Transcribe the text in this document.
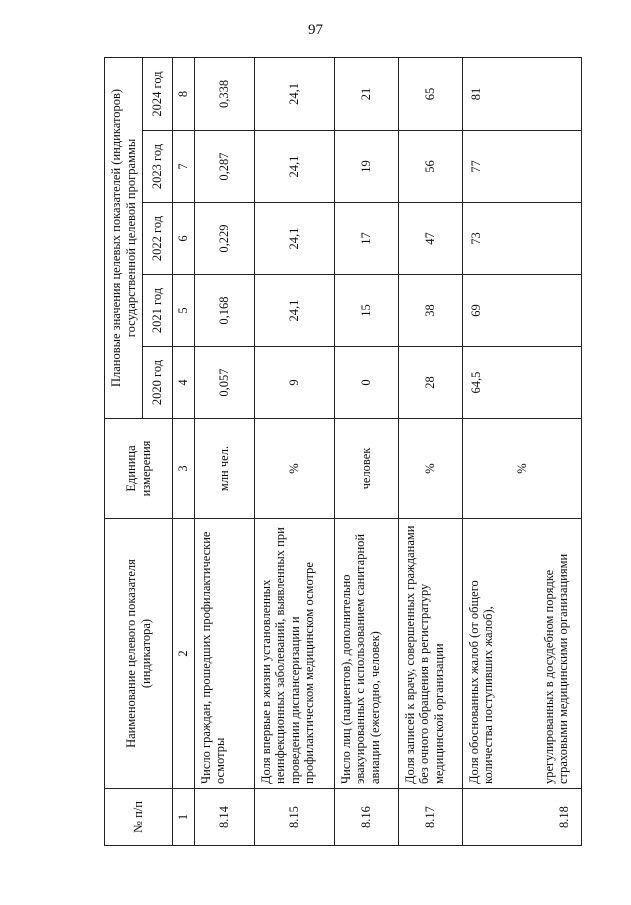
97
№ п/п	Наименование целевого показателя (индикатора)	Единица измерения	Плановые значения целевых показателей (индикаторов) государственной целевой программы				
			2020 год	2021 год	2022 год	2023 год	2024 год
1	2	3	4	5	6	7	8
8.14	Число граждан, прошедших профилактические осмотры	млн чел.	0,057	0,168	0,229	0,287	0,338
8.15	Доля впервые в жизни установленных неинфекционных заболеваний, выявленных при проведении диспансеризации и профилактическом медицинском осмотре	%	9	24,1	24,1	24,1	24,1
8.16	Число лиц (пациентов), дополнительно эвакуированных с использованием санитарной авиации (ежегодно, человек)	человек	0	15	17	19	21
8.17	Доля записей к врачу, совершенных гражданами без очного обращения в регистратуру медицинской организации	%	28	38	47	56	65
8.18	Доля обоснованных жалоб (от общего количества поступивших жалоб), урегулированных в досудебном порядке страховыми медицинскими организациями	%	64,5	69	73	77	81
